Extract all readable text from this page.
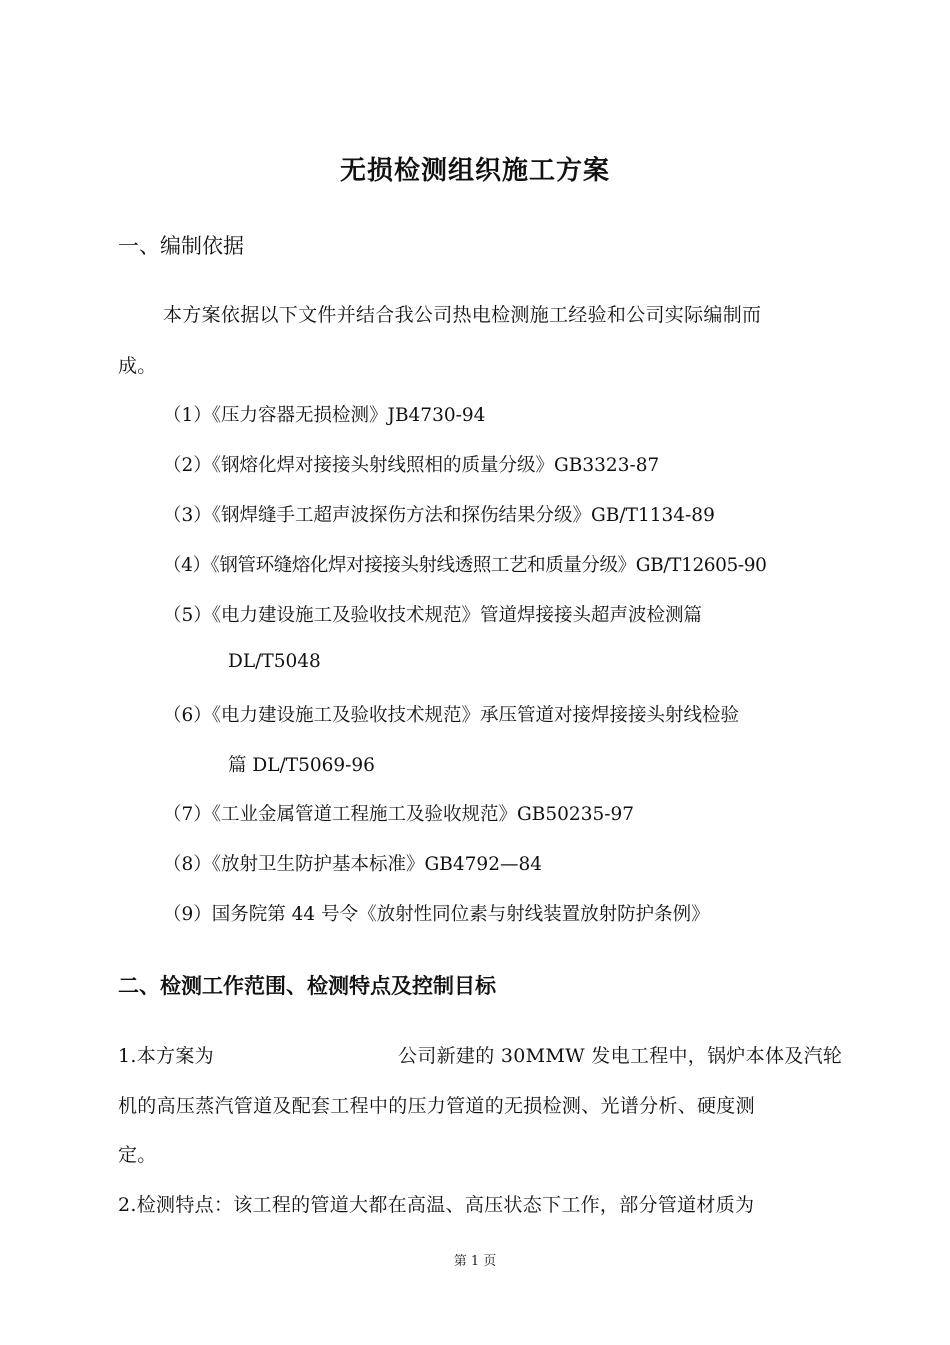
无损检测组织施工方案
一、编制依据
本方案依据以下文件并结合我公司热电检测施工经验和公司实际编制而
成。
（1）《压力容器无损检测》JB4730-94
（2）《钢熔化焊对接接头射线照相的质量分级》GB3323-87
（3）《钢焊缝手工超声波探伤方法和探伤结果分级》GB/T1134-89
（4）《钢管环缝熔化焊对接接头射线透照工艺和质量分级》GB/T12605-90
（5）《电力建设施工及验收技术规范》管道焊接接头超声波检测篇
DL/T5048
（6）《电力建设施工及验收技术规范》承压管道对接焊接接头射线检验
篇 DL/T5069-96
（7）《工业金属管道工程施工及验收规范》GB50235-97
（8）《放射卫生防护基本标准》GB4792—84
（9）国务院第 44 号令《放射性同位素与射线装置放射防护条例》
二、检测工作范围、检测特点及控制目标
1.本方案为	公司新建的 30MMW 发电工程中，锅炉本体及汽轮
机的高压蒸汽管道及配套工程中的压力管道的无损检测、光谱分析、硬度测
定。
2.检测特点：该工程的管道大都在高温、高压状态下工作，部分管道材质为
第 1 页
